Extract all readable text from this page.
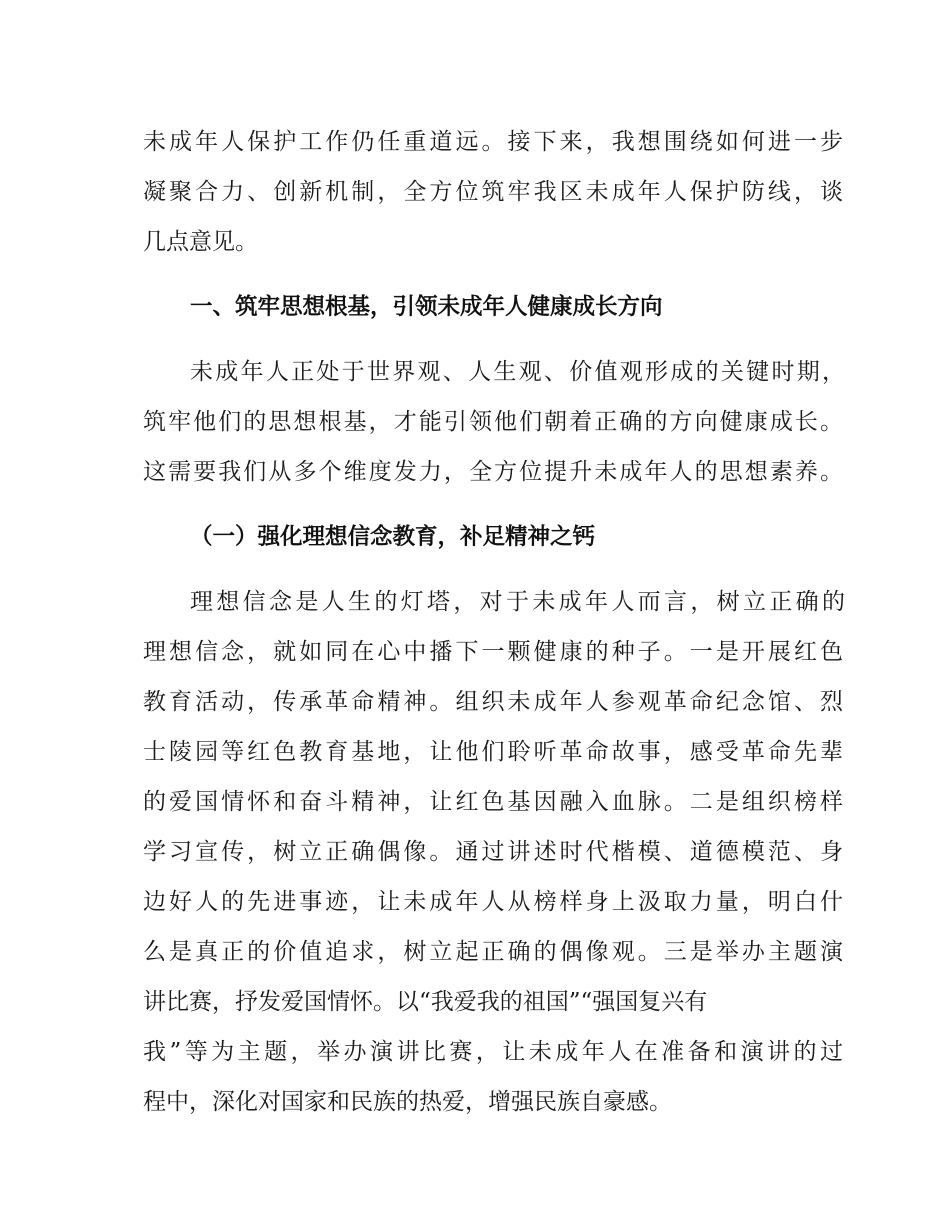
未成年人保护工作仍任重道远。接下来，我想围绕如何进一步

凝聚合力、创新机制，全方位筑牢我区未成年人保护防线，谈

几点意见。

一、筑牢思想根基，引领未成年人健康成长方向

未成年人正处于世界观、人生观、价值观形成的关键时期，

筑牢他们的思想根基，才能引领他们朝着正确的方向健康成长。

这需要我们从多个维度发力，全方位提升未成年人的思想素养。

（一）强化理想信念教育，补足精神之钙

理想信念是人生的灯塔，对于未成年人而言，树立正确的

理想信念，就如同在心中播下一颗健康的种子。一是开展红色

教育活动，传承革命精神。组织未成年人参观革命纪念馆、烈

士陵园等红色教育基地，让他们聆听革命故事，感受革命先辈

的爱国情怀和奋斗精神，让红色基因融入血脉。二是组织榜样

学习宣传，树立正确偶像。通过讲述时代楷模、道德模范、身

边好人的先进事迹，让未成年人从榜样身上汲取力量，明白什

么是真正的价值追求，树立起正确的偶像观。三是举办主题演

讲比赛，抒发爱国情怀。以“我爱我的祖国”“强国复兴有

我”等为主题，举办演讲比赛，让未成年人在准备和演讲的过

程中，深化对国家和民族的热爱，增强民族自豪感。
